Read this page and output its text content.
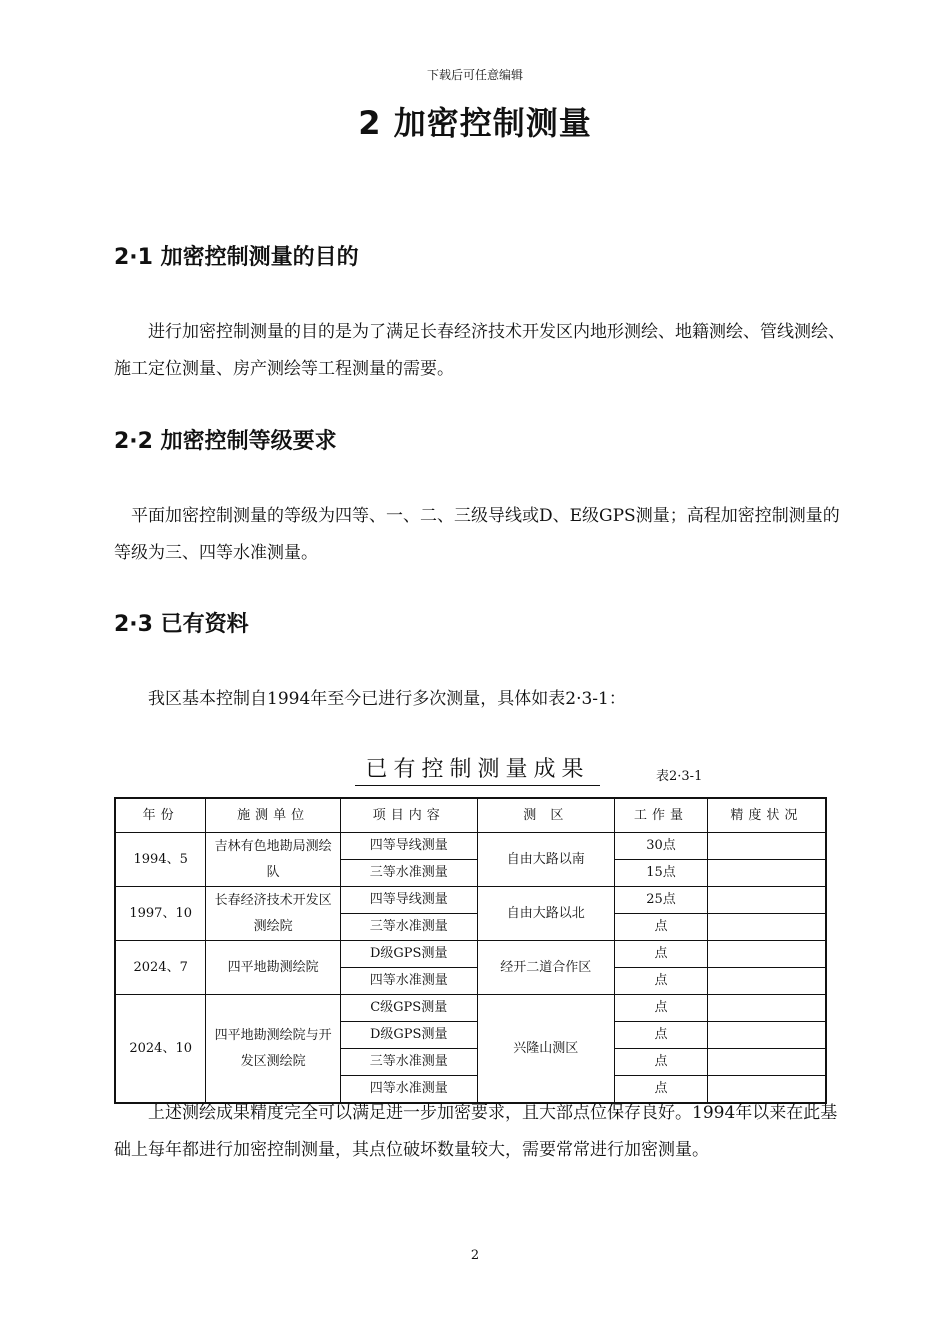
下载后可任意编辑
2 加密控制测量
2·1 加密控制测量的目的
　　进行加密控制测量的目的是为了满足长春经济技术开发区内地形测绘、地籍测绘、管线测绘、施工定位测量、房产测绘等工程测量的需要。
2·2 加密控制等级要求
　平面加密控制测量的等级为四等、一、二、三级导线或D、E级GPS测量；高程加密控制测量的等级为三、四等水准测量。
2·3 已有资料
　　我区基本控制自1994年至今已进行多次测量，具体如表2·3-1：
已有控制测量成果	表2·3-1
年份	施测单位	项目内容	测 区	工作量	精度状况
1994、5	吉林有色地勘局测绘队	四等导线测量	自由大路以南	30点	
		三等水准测量		15点	
1997、10	长春经济技术开发区测绘院	四等导线测量	自由大路以北	25点	
		三等水准测量		点	
2024、7	四平地勘测绘院	D级GPS测量	经开二道合作区	点	
		四等水准测量		点	
2024、10	四平地勘测绘院与开发区测绘院	C级GPS测量	兴隆山测区	点	
		D级GPS测量		点	
		三等水准测量		点	
		四等水准测量		点	
　　上述测绘成果精度完全可以满足进一步加密要求，且大部点位保存良好。1994年以来在此基础上每年都进行加密控制测量，其点位破坏数量较大，需要常常进行加密测量。
2
